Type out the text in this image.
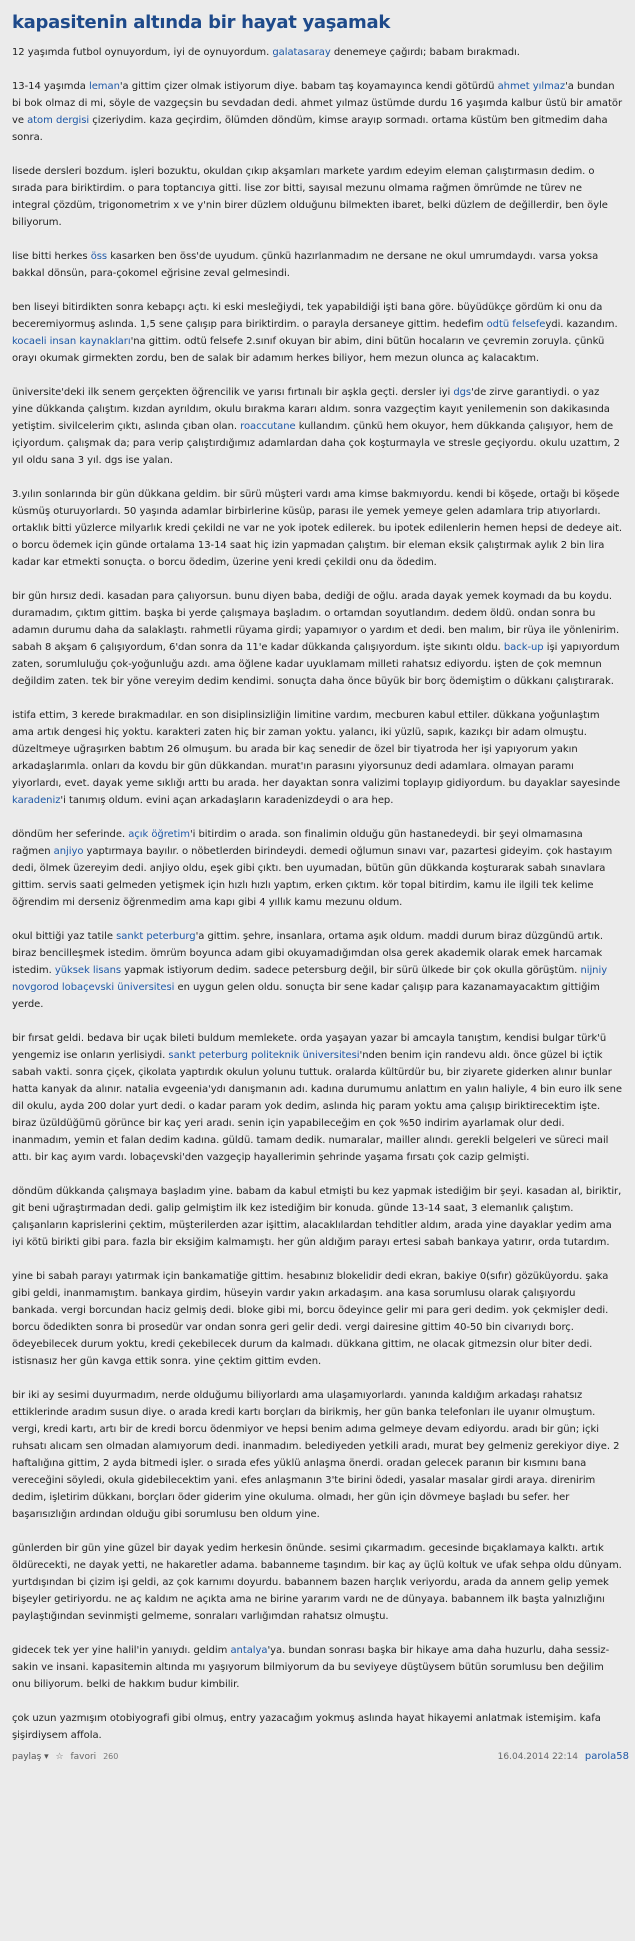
kapasitenin altında bir hayat yaşamak

12 yaşımda futbol oynuyordum, iyi de oynuyordum. galatasaray denemeye çağırdı; babam bırakmadı.

13-14 yaşımda leman'a gittim çizer olmak istiyorum diye. babam taş koyamayınca kendi götürdü ahmet yılmaz'a bundan bi bok olmaz di mi, söyle de vazgeçsin bu sevdadan dedi. ahmet yılmaz üstümde durdu 16 yaşımda kalbur üstü bir amatör ve atom dergisi çizeriydim. kaza geçirdim, ölümden döndüm, kimse arayıp sormadı. ortama küstüm ben gitmedim daha sonra.

lisede dersleri bozdum. işleri bozuktu, okuldan çıkıp akşamları markete yardım edeyim eleman çalıştırmasın dedim. o sırada para biriktirdim. o para toptancıya gitti. lise zor bitti, sayısal mezunu olmama rağmen ömrümde ne türev ne integral çözdüm, trigonometrim x ve y'nin birer düzlem olduğunu bilmekten ibaret, belki düzlem de değillerdir, ben öyle biliyorum.

lise bitti herkes öss kasarken ben öss'de uyudum. çünkü hazırlanmadım ne dersane ne okul umrumdaydı. varsa yoksa bakkal dönsün, para-çokomel eğrisine zeval gelmesindi.

ben liseyi bitirdikten sonra kebapçı açtı. ki eski mesleğiydi, tek yapabildiği işti bana göre. büyüdükçe gördüm ki onu da beceremiyormuş aslında. 1,5 sene çalışıp para biriktirdim. o parayla dersaneye gittim. hedefim odtü felsefeydi. kazandım. kocaeli insan kaynakları'na gittim. odtü felsefe 2.sınıf okuyan bir abim, dini bütün hocaların ve çevremin zoruyla. çünkü orayı okumak girmekten zordu, ben de salak bir adamım herkes biliyor, hem mezun olunca aç kalacaktım.

üniversite'deki ilk senem gerçekten öğrencilik ve yarısı fırtınalı bir aşkla geçti. dersler iyi dgs'de zirve garantiydi. o yaz yine dükkanda çalıştım. kızdan ayrıldım, okulu bırakma kararı aldım. sonra vazgeçtim kayıt yenilemenin son dakikasında yetiştim. sivilcelerim çıktı, aslında çıban olan. roaccutane kullandım. çünkü hem okuyor, hem dükkanda çalışıyor, hem de içiyordum. çalışmak da; para verip çalıştırdığımız adamlardan daha çok koşturmayla ve stresle geçiyordu. okulu uzattım, 2 yıl oldu sana 3 yıl. dgs ise yalan.

3.yılın sonlarında bir gün dükkana geldim. bir sürü müşteri vardı ama kimse bakmıyordu. kendi bi köşede, ortağı bi köşede küsmüş oturuyorlardı. 50 yaşında adamlar birbirlerine küsüp, parası ile yemek yemeye gelen adamlara trip atıyorlardı. ortaklık bitti yüzlerce milyarlık kredi çekildi ne var ne yok ipotek edilerek. bu ipotek edilenlerin hemen hepsi de dedeye ait. o borcu ödemek için günde ortalama 13-14 saat hiç izin yapmadan çalıştım. bir eleman eksik çalıştırmak aylık 2 bin lira kadar kar etmekti sonuçta. o borcu ödedim, üzerine yeni kredi çekildi onu da ödedim.

bir gün hırsız dedi. kasadan para çalıyorsun. bunu diyen baba, dediği de oğlu. arada dayak yemek koymadı da bu koydu. duramadım, çıktım gittim. başka bi yerde çalışmaya başladım. o ortamdan soyutlandım. dedem öldü. ondan sonra bu adamın durumu daha da salaklaştı. rahmetli rüyama girdi; yapamıyor o yardım et dedi. ben malım, bir rüya ile yönlenirim. sabah 8 akşam 6 çalışıyordum, 6'dan sonra da 11'e kadar dükkanda çalışıyordum. işte sıkıntı oldu. back-up işi yapıyordum zaten, sorumluluğu çok-yoğunluğu azdı. ama öğlene kadar uyuklamam milleti rahatsız ediyordu. işten de çok memnun değildim zaten. tek bir yöne vereyim dedim kendimi. sonuçta daha önce büyük bir borç ödemiştim o dükkanı çalıştırarak.

istifa ettim, 3 kerede bırakmadılar. en son disiplinsizliğin limitine vardım, mecburen kabul ettiler. dükkana yoğunlaştım ama artık dengesi hiç yoktu. karakteri zaten hiç bir zaman yoktu. yalancı, iki yüzlü, sapık, kazıkçı bir adam olmuştu. düzeltmeye uğraşırken babtım 26 olmuşum. bu arada bir kaç senedir de özel bir tiyatroda her işi yapıyorum yakın arkadaşlarımla. onları da kovdu bir gün dükkandan. murat'ın parasını yiyorsunuz dedi adamlara. olmayan paramı yiyorlardı, evet. dayak yeme sıklığı arttı bu arada. her dayaktan sonra valizimi toplayıp gidiyordum. bu dayaklar sayesinde karadeniz'i tanımış oldum. evini açan arkadaşların karadenizdeydi o ara hep.

döndüm her seferinde. açık öğretim'i bitirdim o arada. son finalimin olduğu gün hastanedeydi. bir şeyi olmamasına rağmen anjiyo yaptırmaya bayılır. o nöbetlerden birindeydi. demedi oğlumun sınavı var, pazartesi gideyim. çok hastayım dedi, ölmek üzereyim dedi. anjiyo oldu, eşek gibi çıktı. ben uyumadan, bütün gün dükkanda koşturarak sabah sınavlara gittim. servis saati gelmeden yetişmek için hızlı hızlı yaptım, erken çıktım. kör topal bitirdim, kamu ile ilgili tek kelime öğrendim mi derseniz öğrenmedim ama kapı gibi 4 yıllık kamu mezunu oldum.

okul bittiği yaz tatile sankt peterburg'a gittim. şehre, insanlara, ortama aşık oldum. maddi durum biraz düzgündü artık. biraz bencilleşmek istedim. ömrüm boyunca adam gibi okuyamadığımdan olsa gerek akademik olarak emek harcamak istedim. yüksek lisans yapmak istiyorum dedim. sadece petersburg değil, bir sürü ülkede bir çok okulla görüştüm. nijniy novgorod lobaçevski üniversitesi en uygun gelen oldu. sonuçta bir sene kadar çalışıp para kazanamayacaktım gittiğim yerde.

bir fırsat geldi. bedava bir uçak bileti buldum memlekete. orda yaşayan yazar bi amcayla tanıştım, kendisi bulgar türk'ü yengemiz ise onların yerlisiydi. sankt peterburg politeknik üniversitesi'nden benim için randevu aldı. önce güzel bi içtik sabah vakti. sonra çiçek, çikolata yaptırdık okulun yolunu tuttuk. oralarda kültürdür bu, bir ziyarete giderken alınır bunlar hatta kanyak da alınır. natalia evgeenia'ydı danışmanın adı. kadına durumumu anlattım en yalın haliyle, 4 bin euro ilk sene dil okulu, ayda 200 dolar yurt dedi. o kadar param yok dedim, aslında hiç param yoktu ama çalışıp biriktirecektim işte. biraz üzüldüğümü görünce bir kaç yeri aradı. senin için yapabileceğim en çok %50 indirim ayarlamak olur dedi. inanmadım, yemin et falan dedim kadına. güldü. tamam dedik. numaralar, mailler alındı. gerekli belgeleri ve süreci mail attı. bir kaç ayım vardı. lobaçevski'den vazgeçip hayallerimin şehrinde yaşama fırsatı çok cazip gelmişti.

döndüm dükkanda çalışmaya başladım yine. babam da kabul etmişti bu kez yapmak istediğim bir şeyi. kasadan al, biriktir, git beni uğraştırmadan dedi. galip gelmiştim ilk kez istediğim bir konuda. günde 13-14 saat, 3 elemanlık çalıştım. çalışanların kaprislerini çektim, müşterilerden azar işittim, alacaklılardan tehditler aldım, arada yine dayaklar yedim ama iyi kötü birikti gibi para. fazla bir eksiğim kalmamıştı. her gün aldığım parayı ertesi sabah bankaya yatırır, orda tutardım.

yine bi sabah parayı yatırmak için bankamatiğe gittim. hesabınız blokelidir dedi ekran, bakiye 0(sıfır) gözüküyordu. şaka gibi geldi, inanmamıştım. bankaya girdim, hüseyin vardır yakın arkadaşım. ana kasa sorumlusu olarak çalışıyordu bankada. vergi borcundan haciz gelmiş dedi. bloke gibi mi, borcu ödeyince gelir mi para geri dedim. yok çekmişler dedi. borcu ödedikten sonra bi prosedür var ondan sonra geri gelir dedi. vergi dairesine gittim 40-50 bin civarıydı borç. ödeyebilecek durum yoktu, kredi çekebilecek durum da kalmadı. dükkana gittim, ne olacak gitmezsin olur biter dedi. istisnasız her gün kavga ettik sonra. yine çektim gittim evden.

bir iki ay sesimi duyurmadım, nerde olduğumu biliyorlardı ama ulaşamıyorlardı. yanında kaldığım arkadaşı rahatsız ettiklerinde aradım susun diye. o arada kredi kartı borçları da birikmiş, her gün banka telefonları ile uyanır olmuştum. vergi, kredi kartı, artı bir de kredi borcu ödenmiyor ve hepsi benim adıma gelmeye devam ediyordu. aradı bir gün; içki ruhsatı alıcam sen olmadan alamıyorum dedi. inanmadım. belediyeden yetkili aradı, murat bey gelmeniz gerekiyor diye. 2 haftalığına gittim, 2 ayda bitmedi işler. o sırada efes yüklü anlaşma önerdi. oradan gelecek paranın bir kısmını bana vereceğini söyledi, okula gidebilecektim yani. efes anlaşmanın 3'te birini ödedi, yasalar masalar girdi araya. direnirim dedim, işletirim dükkanı, borçları öder giderim yine okuluma. olmadı, her gün için dövmeye başladı bu sefer. her başarısızlığın ardından olduğu gibi sorumlusu ben oldum yine.

günlerden bir gün yine güzel bir dayak yedim herkesin önünde. sesimi çıkarmadım. gecesinde bıçaklamaya kalktı. artık öldürecekti, ne dayak yetti, ne hakaretler adama. babanneme taşındım. bir kaç ay üçlü koltuk ve ufak sehpa oldu dünyam. yurtdışından bi çizim işi geldi, az çok karnımı doyurdu. babannem bazen harçlık veriyordu, arada da annem gelip yemek bişeyler getiriyordu. ne aç kaldım ne açıkta ama ne birine yararım vardı ne de dünyaya. babannem ilk başta yalnızlığını paylaştığından sevinmişti gelmeme, sonraları varlığımdan rahatsız olmuştu.

gidecek tek yer yine halil'in yanıydı. geldim antalya'ya. bundan sonrası başka bir hikaye ama daha huzurlu, daha sessiz-sakin ve insani. kapasitemin altında mı yaşıyorum bilmiyorum da bu seviyeye düştüysem bütün sorumlusu ben değilim onu biliyorum. belki de hakkım budur kimbilir.

çok uzun yazmışım otobiyografi gibi olmuş, entry yazacağım yokmuş aslında hayat hikayemi anlatmak istemişim. kafa şişirdiysem affola.

paylaş ▾ ☆ favori 260	16.04.2014 22:14 parola58
